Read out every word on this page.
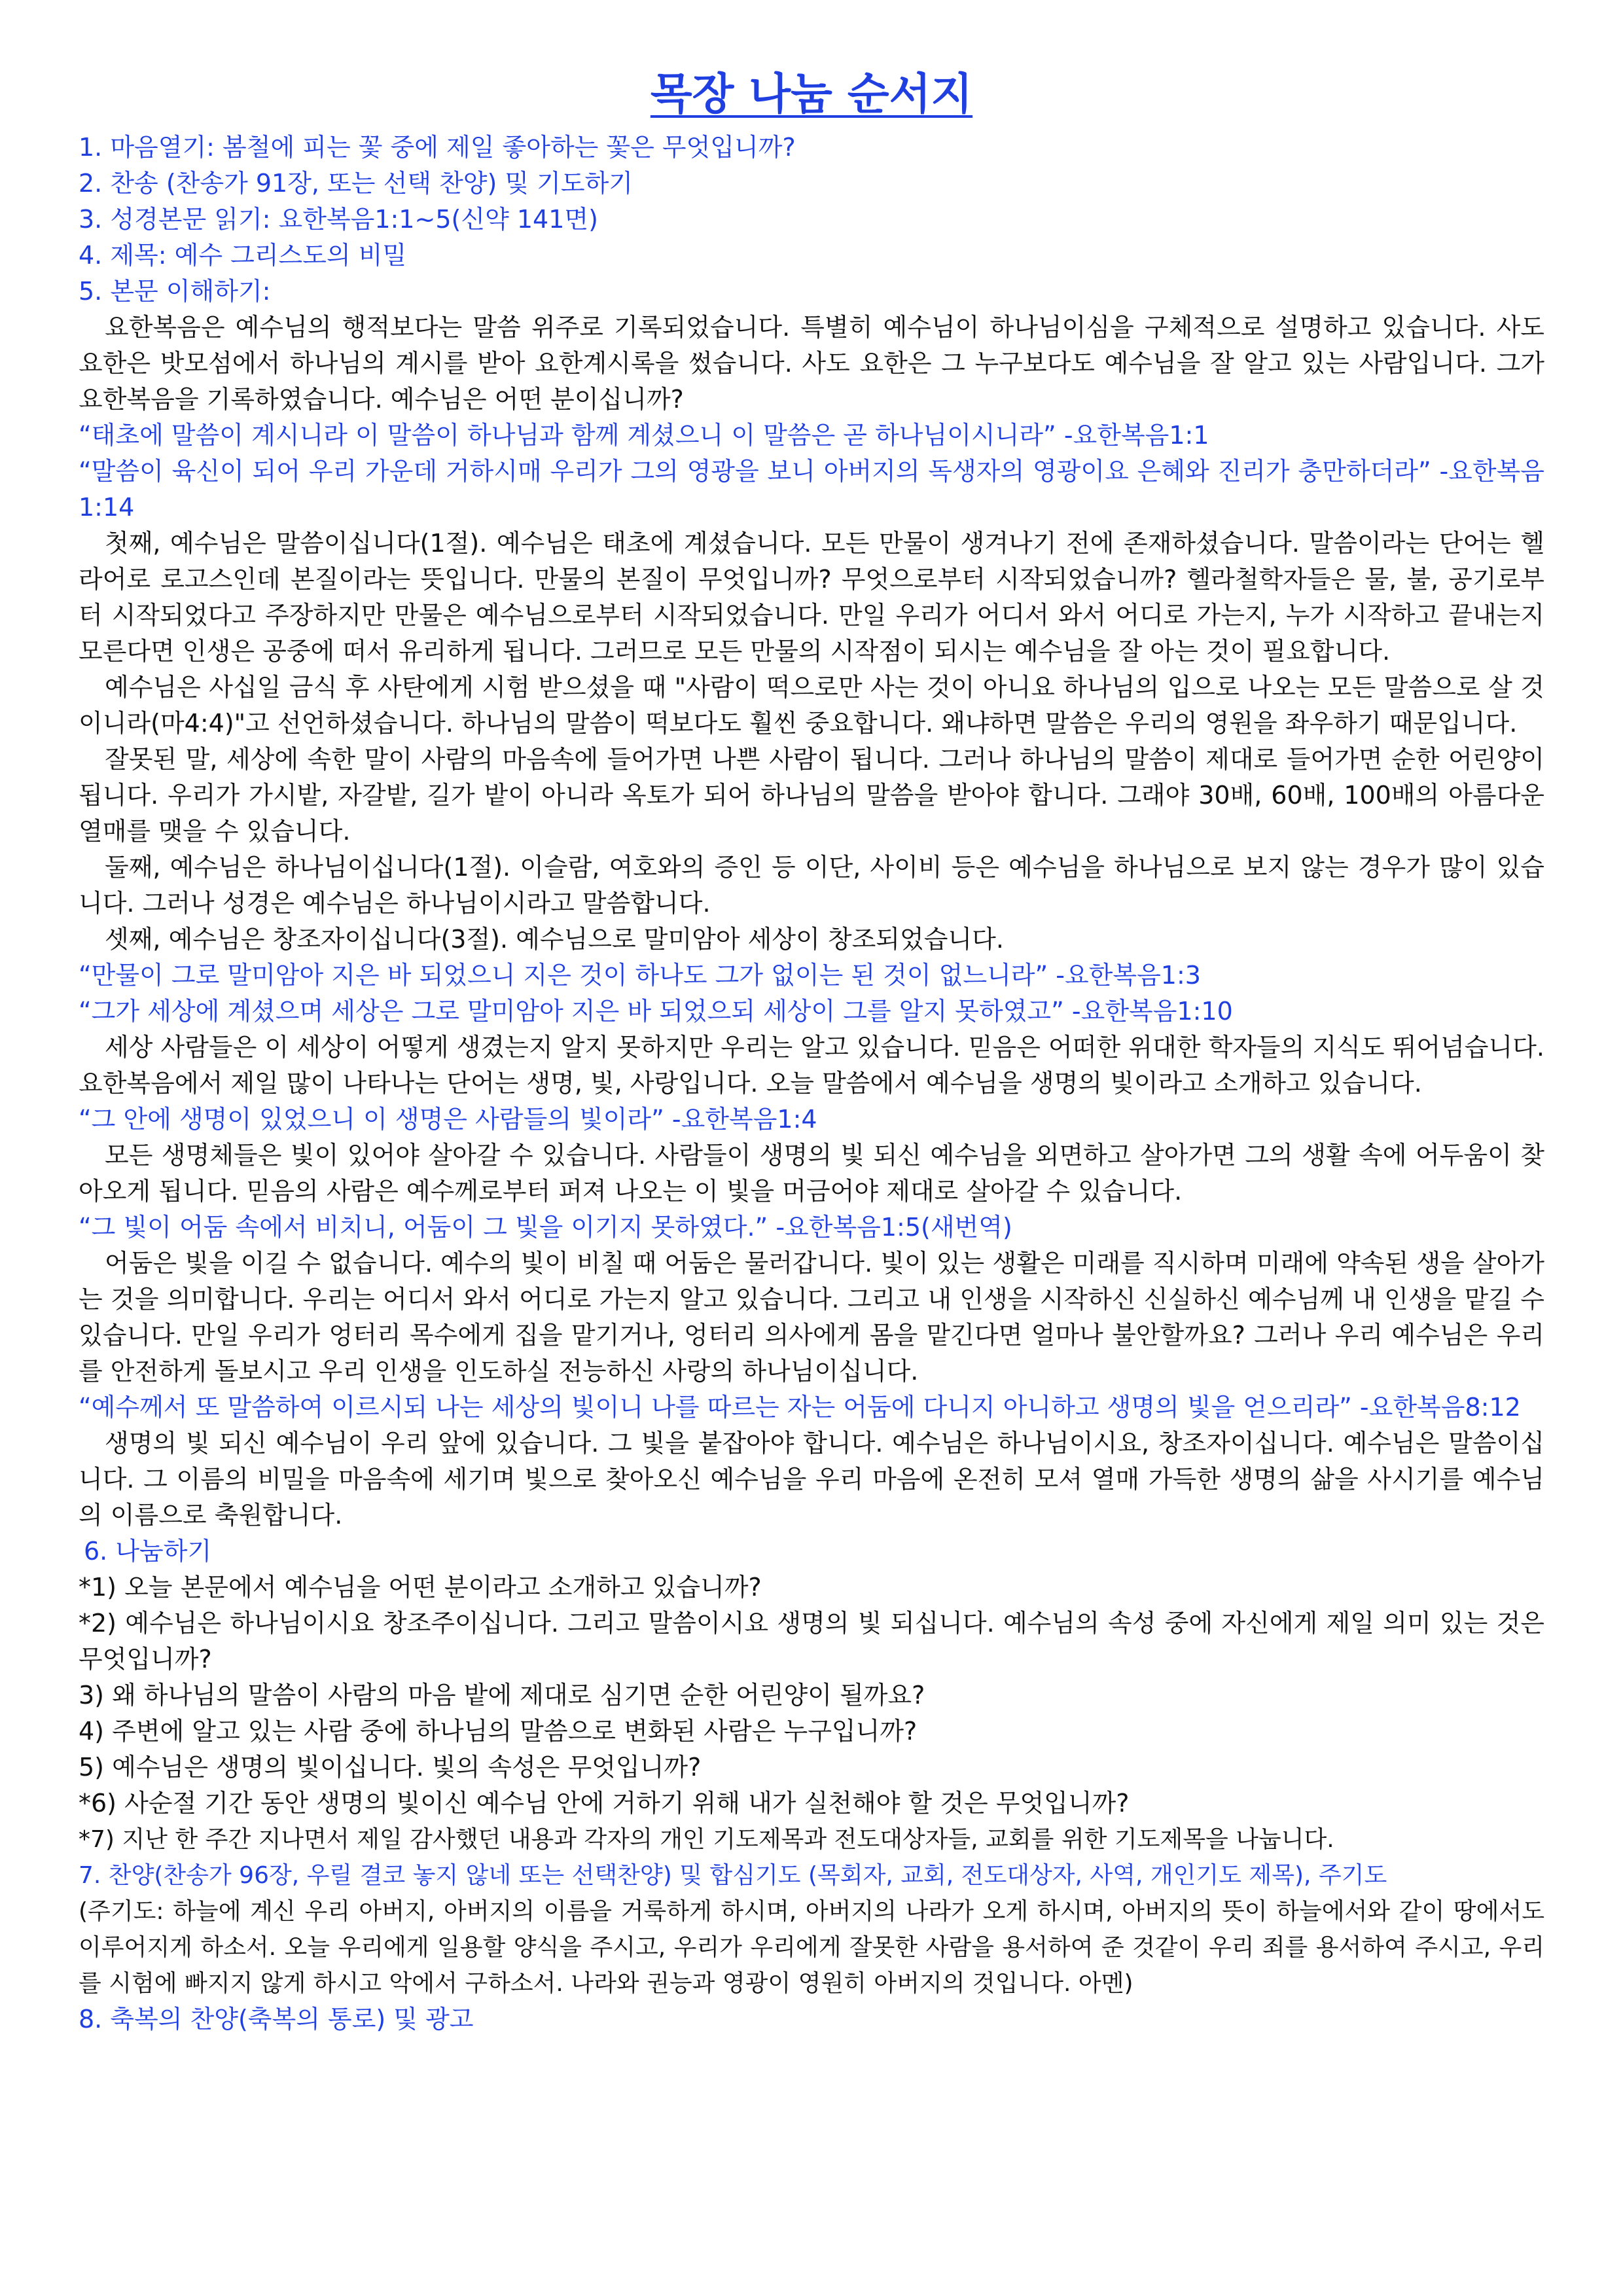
목장 나눔 순서지

1. 마음열기: 봄철에 피는 꽃 중에 제일 좋아하는 꽃은 무엇입니까?

2. 찬송 (찬송가 91장, 또는 선택 찬양) 및 기도하기

3. 성경본문 읽기: 요한복음1:1~5(신약 141면)

4. 제목: 예수 그리스도의 비밀

5. 본문 이해하기:

요한복음은 예수님의 행적보다는 말씀 위주로 기록되었습니다. 특별히 예수님이 하나님이심을 구체적으로 설명하고 있습니다. 사도 요한은 밧모섬에서 하나님의 계시를 받아 요한계시록을 썼습니다. 사도 요한은 그 누구보다도 예수님을 잘 알고 있는 사람입니다. 그가 요한복음을 기록하였습니다. 예수님은 어떤 분이십니까?

“태초에 말씀이 계시니라 이 말씀이 하나님과 함께 계셨으니 이 말씀은 곧 하나님이시니라” -요한복음1:1

“말씀이 육신이 되어 우리 가운데 거하시매 우리가 그의 영광을 보니 아버지의 독생자의 영광이요 은혜와 진리가 충만하더라” -요한복음1:14

첫째, 예수님은 말씀이십니다(1절). 예수님은 태초에 계셨습니다. 모든 만물이 생겨나기 전에 존재하셨습니다. 말씀이라는 단어는 헬라어로 로고스인데 본질이라는 뜻입니다. 만물의 본질이 무엇입니까? 무엇으로부터 시작되었습니까? 헬라철학자들은 물, 불, 공기로부터 시작되었다고 주장하지만 만물은 예수님으로부터 시작되었습니다. 만일 우리가 어디서 와서 어디로 가는지, 누가 시작하고 끝내는지 모른다면 인생은 공중에 떠서 유리하게 됩니다. 그러므로 모든 만물의 시작점이 되시는 예수님을 잘 아는 것이 필요합니다.

예수님은 사십일 금식 후 사탄에게 시험 받으셨을 때 "사람이 떡으로만 사는 것이 아니요 하나님의 입으로 나오는 모든 말씀으로 살 것이니라(마4:4)"고 선언하셨습니다. 하나님의 말씀이 떡보다도 훨씬 중요합니다. 왜냐하면 말씀은 우리의 영원을 좌우하기 때문입니다.

잘못된 말, 세상에 속한 말이 사람의 마음속에 들어가면 나쁜 사람이 됩니다. 그러나 하나님의 말씀이 제대로 들어가면 순한 어린양이 됩니다. 우리가 가시밭, 자갈밭, 길가 밭이 아니라 옥토가 되어 하나님의 말씀을 받아야 합니다. 그래야 30배, 60배, 100배의 아름다운 열매를 맺을 수 있습니다.

둘째, 예수님은 하나님이십니다(1절). 이슬람, 여호와의 증인 등 이단, 사이비 등은 예수님을 하나님으로 보지 않는 경우가 많이 있습니다. 그러나 성경은 예수님은 하나님이시라고 말씀합니다.

셋째, 예수님은 창조자이십니다(3절). 예수님으로 말미암아 세상이 창조되었습니다.

“만물이 그로 말미암아 지은 바 되었으니 지은 것이 하나도 그가 없이는 된 것이 없느니라” -요한복음1:3

“그가 세상에 계셨으며 세상은 그로 말미암아 지은 바 되었으되 세상이 그를 알지 못하였고” -요한복음1:10

세상 사람들은 이 세상이 어떻게 생겼는지 알지 못하지만 우리는 알고 있습니다. 믿음은 어떠한 위대한 학자들의 지식도 뛰어넘습니다. 요한복음에서 제일 많이 나타나는 단어는 생명, 빛, 사랑입니다. 오늘 말씀에서 예수님을 생명의 빛이라고 소개하고 있습니다.

“그 안에 생명이 있었으니 이 생명은 사람들의 빛이라” -요한복음1:4

모든 생명체들은 빛이 있어야 살아갈 수 있습니다. 사람들이 생명의 빛 되신 예수님을 외면하고 살아가면 그의 생활 속에 어두움이 찾아오게 됩니다. 믿음의 사람은 예수께로부터 퍼져 나오는 이 빛을 머금어야 제대로 살아갈 수 있습니다.

“그 빛이 어둠 속에서 비치니, 어둠이 그 빛을 이기지 못하였다.” -요한복음1:5(새번역)

어둠은 빛을 이길 수 없습니다. 예수의 빛이 비칠 때 어둠은 물러갑니다. 빛이 있는 생활은 미래를 직시하며 미래에 약속된 생을 살아가는 것을 의미합니다. 우리는 어디서 와서 어디로 가는지 알고 있습니다. 그리고 내 인생을 시작하신 신실하신 예수님께 내 인생을 맡길 수 있습니다. 만일 우리가 엉터리 목수에게 집을 맡기거나, 엉터리 의사에게 몸을 맡긴다면 얼마나 불안할까요? 그러나 우리 예수님은 우리를 안전하게 돌보시고 우리 인생을 인도하실 전능하신 사랑의 하나님이십니다.

“예수께서 또 말씀하여 이르시되 나는 세상의 빛이니 나를 따르는 자는 어둠에 다니지 아니하고 생명의 빛을 얻으리라” -요한복음8:12

생명의 빛 되신 예수님이 우리 앞에 있습니다. 그 빛을 붙잡아야 합니다. 예수님은 하나님이시요, 창조자이십니다. 예수님은 말씀이십니다. 그 이름의 비밀을 마음속에 세기며 빛으로 찾아오신 예수님을 우리 마음에 온전히 모셔 열매 가득한 생명의 삶을 사시기를 예수님의 이름으로 축원합니다.

6. 나눔하기

*1) 오늘 본문에서 예수님을 어떤 분이라고 소개하고 있습니까?

*2) 예수님은 하나님이시요 창조주이십니다. 그리고 말씀이시요 생명의 빛 되십니다. 예수님의 속성 중에 자신에게 제일 의미 있는 것은 무엇입니까?

3) 왜 하나님의 말씀이 사람의 마음 밭에 제대로 심기면 순한 어린양이 될까요?

4) 주변에 알고 있는 사람 중에 하나님의 말씀으로 변화된 사람은 누구입니까?

5) 예수님은 생명의 빛이십니다. 빛의 속성은 무엇입니까?

*6) 사순절 기간 동안 생명의 빛이신 예수님 안에 거하기 위해 내가 실천해야 할 것은 무엇입니까?

*7) 지난 한 주간 지나면서 제일 감사했던 내용과 각자의 개인 기도제목과 전도대상자들, 교회를 위한 기도제목을 나눕니다.

7. 찬양(찬송가 96장, 우릴 결코 놓지 않네 또는 선택찬양) 및 합심기도 (목회자, 교회, 전도대상자, 사역, 개인기도 제목), 주기도

(주기도: 하늘에 계신 우리 아버지, 아버지의 이름을 거룩하게 하시며, 아버지의 나라가 오게 하시며, 아버지의 뜻이 하늘에서와 같이 땅에서도 이루어지게 하소서. 오늘 우리에게 일용할 양식을 주시고, 우리가 우리에게 잘못한 사람을 용서하여 준 것같이 우리 죄를 용서하여 주시고, 우리를 시험에 빠지지 않게 하시고 악에서 구하소서. 나라와 권능과 영광이 영원히 아버지의 것입니다. 아멘)

8. 축복의 찬양(축복의 통로) 및 광고
